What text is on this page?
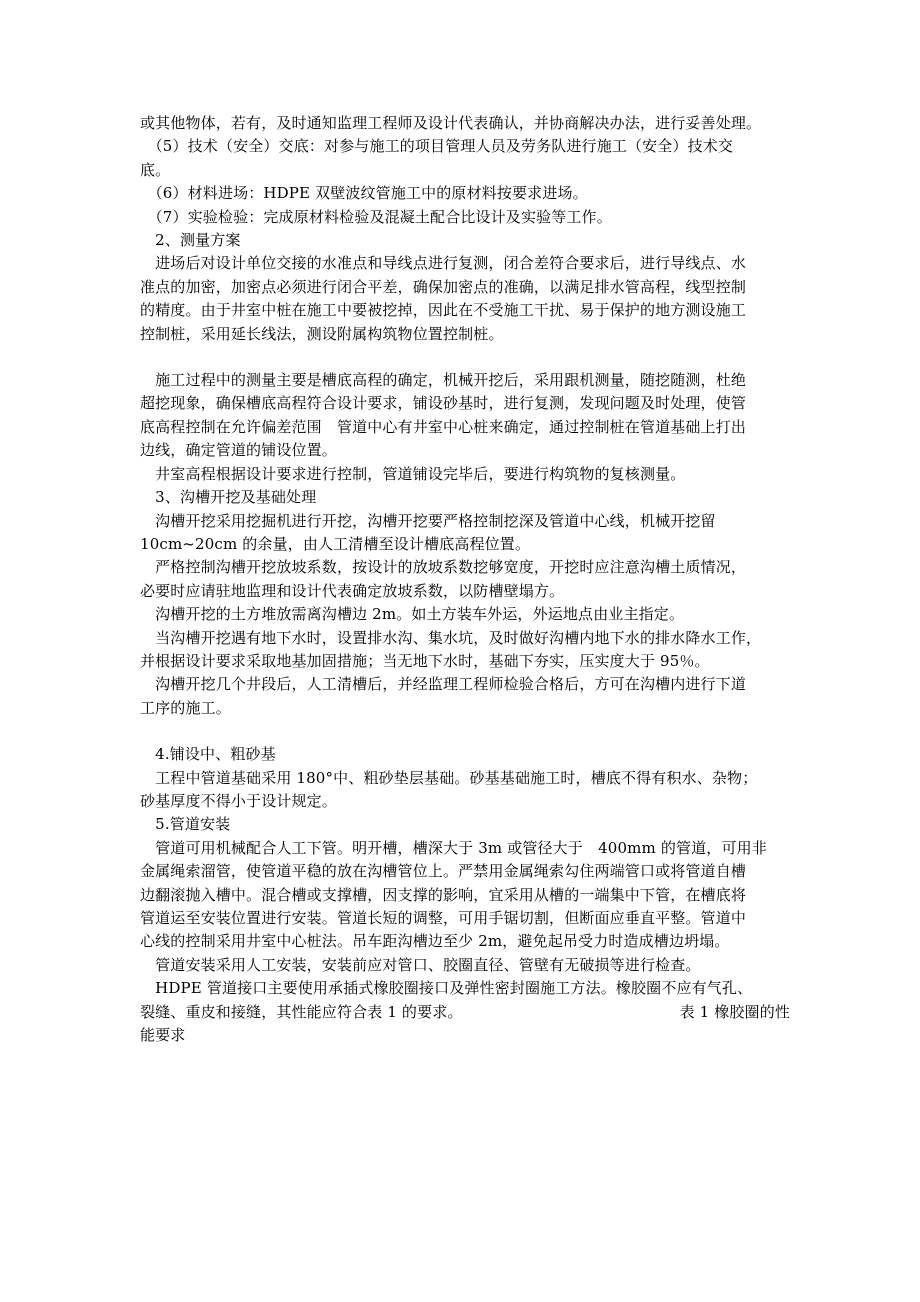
或其他物体，若有，及时通知监理工程师及设计代表确认，并协商解决办法，进行妥善处理。
　（5）技术（安全）交底：对参与施工的项目管理人员及劳务队进行施工（安全）技术交
底。
　（6）材料进场：HDPE 双壁波纹管施工中的原材料按要求进场。
　（7）实验检验：完成原材料检验及混凝土配合比设计及实验等工作。
　2、测量方案
　进场后对设计单位交接的水准点和导线点进行复测，闭合差符合要求后，进行导线点、水
准点的加密，加密点必须进行闭合平差，确保加密点的准确，以满足排水管高程，线型控制
的精度。由于井室中桩在施工中要被挖掉，因此在不受施工干扰、易于保护的地方测设施工
控制桩，采用延长线法，测设附属构筑物位置控制桩。
　施工过程中的测量主要是槽底高程的确定，机械开挖后，采用跟机测量，随挖随测，杜绝
超挖现象，确保槽底高程符合设计要求，铺设砂基时，进行复测，发现问题及时处理，使管
底高程控制在允许偏差范围　管道中心有井室中心桩来确定，通过控制桩在管道基础上打出
边线，确定管道的铺设位置。
　井室高程根据设计要求进行控制，管道铺设完毕后，要进行构筑物的复核测量。
　3、沟槽开挖及基础处理
　沟槽开挖采用挖掘机进行开挖，沟槽开挖要严格控制挖深及管道中心线，机械开挖留
10cm~20cm 的余量，由人工清槽至设计槽底高程位置。
　严格控制沟槽开挖放坡系数，按设计的放坡系数挖够宽度，开挖时应注意沟槽土质情况，
必要时应请驻地监理和设计代表确定放坡系数，以防槽壁塌方。
　沟槽开挖的土方堆放需离沟槽边 2m。如土方装车外运，外运地点由业主指定。
　当沟槽开挖遇有地下水时，设置排水沟、集水坑，及时做好沟槽内地下水的排水降水工作，
并根据设计要求采取地基加固措施；当无地下水时，基础下夯实，压实度大于 95％。
　沟槽开挖几个井段后，人工清槽后，并经监理工程师检验合格后，方可在沟槽内进行下道
工序的施工。
　4.铺设中、粗砂基
　工程中管道基础采用 180°中、粗砂垫层基础。砂基基础施工时，槽底不得有积水、杂物；
砂基厚度不得小于设计规定。
　5.管道安装
　管道可用机械配合人工下管。明开槽，槽深大于 3m 或管径大于　400mm 的管道，可用非
金属绳索溜管，使管道平稳的放在沟槽管位上。严禁用金属绳索勾住两端管口或将管道自槽
边翻滚抛入槽中。混合槽或支撑槽，因支撑的影响，宜采用从槽的一端集中下管，在槽底将
管道运至安装位置进行安装。管道长短的调整，可用手锯切割，但断面应垂直平整。管道中
心线的控制采用井室中心桩法。吊车距沟槽边至少 2m，避免起吊受力时造成槽边坍塌。
　管道安装采用人工安装，安装前应对管口、胶圈直径、管壁有无破损等进行检查。
　HDPE 管道接口主要使用承插式橡胶圈接口及弹性密封圈施工方法。橡胶圈不应有气孔、
裂缝、重皮和接缝，其性能应符合表 1 的要求。	表 1 橡胶圈的性
能要求
